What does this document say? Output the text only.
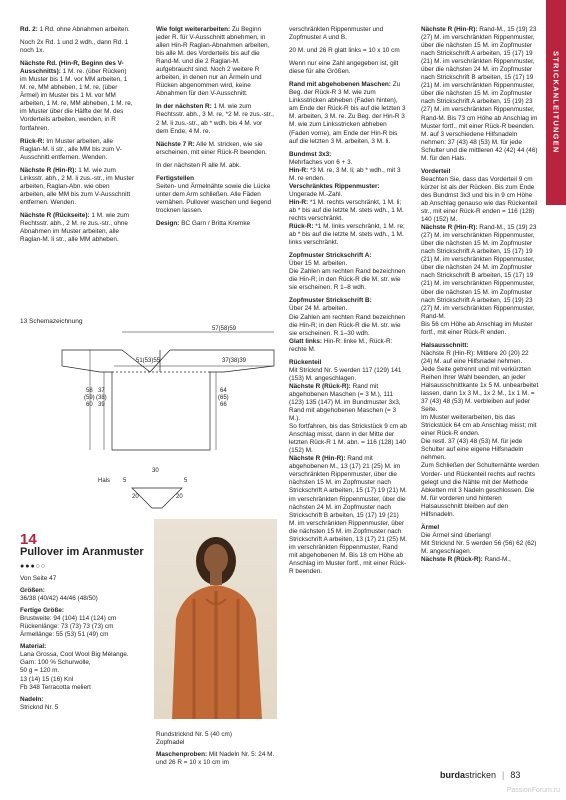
STRICKANLEITUNGEN

Rd. 2: 1 Rd. ohne Abnahmen arbeiten.

Noch 2x Rd. 1 und 2 wdh., dann Rd. 1 noch 1x.

Nächste Rd. (Hin-R, Beginn des V-Ausschnitts): 1 M. re. (über Rücken) im Muster bis 1 M. vor MM arbeiten, 1 M. re, MM abheben, 1 M. re, (über Ärmel) im Muster bis 1 M. vor MM arbeiten, 1 M. re, MM abheben, 1 M. re, im Muster über die Hälfte der M. des Vorderteils arbeiten, wenden, in R fortfahren.

Rück-R: Im Muster arbeiten, alle Raglan-M. li str., alle MM bis zum V-Ausschnitt entfernen. Wenden.

Nächste R (Hin-R): 1 M. wie zum Linksstr. abh., 2 M. li zus.-str., im Muster arbeiten, Raglan-Abn. wie oben arbeiten, alle MM bis zum V-Ausschnitt entfernen. Wenden.

Nächste R (Rückseite): 1 M. wie zum Rechtsstr. abh., 2 M. re zus.-str., ohne Abnahmen im Muster arbeiten, alle Raglan-M. li str., alle MM abheben.

Wie folgt weiterarbeiten: Zu Beginn jeder R. für V-Ausschnitt abnehmen, in allen Hin-R Raglan-Abnahmen arbeiten, bis alle M. des Vorderteils bis auf die Rand-M. und die 2 Raglan-M. aufgebraucht sind. Noch 2 weitere R arbeiten, in denen nur an Ärmeln und Rücken abgenommen wird, keine Abnahmen für den V-Ausschnitt.

In der nächsten R: 1 M. wie zum Rechtsstr. abh., 3 M. re, *2 M. re zus.-str., 2 M. li zus.-str., ab * wdh. bis 4 M. vor dem Ende, 4 M. re.

Nächste 7 R: Alle M. stricken, wie sie erscheinen, mit einer Rück-R beenden.

In der nächsten R alle M. abk.

Fertigstellen
Seiten- und Ärmelnähte sowie die Lücke unter dem Arm schließen. Alle Fäden vernähen. Pullover waschen und liegend trocknen lassen.

Design: BC Garn / Britta Kremke

verschränkten Rippenmuster und Zopfmuster A und B.

20 M. und 26 R glatt links = 10 x 10 cm

Wenn nur eine Zahl angegeben ist, gilt diese für alle Größen.

Rand mit abgehobenen Maschen: Zu Beg. der Rück-R 3 M. wie zum Linksstricken abheben (Faden hinten), am Ende der Rück-R bis auf die letzten 3 M. arbeiten, 3 M. re. Zu Beg. der Hin-R 3 M. wie zum Linksstricken abheben (Faden vorne), am Ende der Hin-R bis auf die letzten 3 M. arbeiten, 3 M. li.

Bundmst 3x3:
Mehrfaches von 6 + 3.
Hin-R: *3 M. re, 3 M. li; ab * wdh., mit 3 M. re enden.
Verschränktes Rippenmuster:
Ungerade M.-Zahl.
Hin-R: *1 M. rechts verschränkt, 1 M. li; ab * bis auf die letzte M. stets wdh., 1 M. rechts verschränkt.
Rück-R: *1 M. links verschränkt, 1 M. re; ab * bis auf die letzte M. stets wdh., 1 M. links verschränkt.

Zopfmuster Strickschrift A:
Über 15 M. arbeiten.
Die Zahlen am rechten Rand bezeichnen die Hin-R; in den Rück-R die M. str. wie sie erscheinen. R 1–8 wdh.

Zopfmuster Strickschrift B:
Über 24 M. arbeiten.
Die Zahlen am rechten Rand bezeichnen die Hin-R; in den Rück-R die M. str. wie sie erscheinen. R 1–30 wdh.
Glatt links: Hin-R: linke M., Rück-R: rechte M.

Rückenteil
Mit Stricknd Nr. 5 werden 117 (129) 141 (153) M. angeschlagen.
Nächste R (Rück-R): Rand mit abgehobenen Maschen (= 3 M.), 111 (123) 135 (147) M. im Bundmuster 3x3, Rand mit abgehobenen Maschen (= 3 M.).
So fortfahren, bis das Strickstück 9 cm ab Anschlag misst, dann in der Mitte der letzten Rück-R 1 M. abn. = 116 (128) 140 (152) M.
Nächste R (Hin-R): Rand mit abgehobenen M., 13 (17) 21 (25) M. im verschränkten Rippenmuster, über die nächsten 15 M. im Zopfmuster nach Strickschrift A arbeiten, 15 (17) 19 (21) M. im verschränkten Rippenmuster, über die nächsten 24 M. im Zopfmuster nach Strickschrift B arbeiten, 15 (17) 19 (21) M. im verschränkten Rippenmuster, über die nächsten 15 M. im Zopfmuster nach Strickschrift A arbeiten, 13 (17) 21 (25) M. im verschränkten Rippenmuster, Rand mit abgehobenen M. Bis 18 cm Höhe ab Anschlag im Muster fortf., mit einer Rück-R beenden.

Nächste R (Hin-R): Rand-M., 15 (19) 23 (27) M. im verschränkten Rippenmuster, über die nächsten 15 M. im Zopfmuster nach Strickschrift A arbeiten, 15 (17) 19 (21) M. im verschränkten Rippenmuster, über die nächsten 24 M. im Zopfmuster nach Strickschrift B arbeiten, 15 (17) 19 (21) M. im verschränkten Rippenmuster, über die nächsten 15 M. im Zopfmuster nach Strickschrift A arbeiten, 15 (19) 23 (27) M. im verschränkten Rippenmuster, Rand-M. Bis 73 cm Höhe ab Anschlag im Muster fortf., mit einer Rück-R beenden.
M. auf 3 verschiedene Hilfsnadeln nehmen: 37 (43) 48 (53) M. für jede Schulter und die mittleren 42 (42) 44 (46) M. für den Hals.

Vorderteil
Beachten Sie, dass das Vorderteil 9 cm kürzer ist als der Rücken. Bis zum Ende des Bundmst 3x3 und bis in 9 cm Höhe ab Anschlag genauso wie das Rückenteil str., mit einer Rück-R enden = 116 (128) 140 (152) M.
Nächste R (Hin-R): Rand-M., 15 (19) 23 (27) M. im verschränkten Rippenmuster, über die nächsten 15 M. im Zopfmuster nach Strickschrift A arbeiten, 15 (17) 19 (21) M. im verschränkten Rippenmuster, über die nächsten 24 M. im Zopfmuster nach Strickschrift B arbeiten, 15 (17) 19 (21) M. im verschränkten Rippenmuster, über die nächsten 15 M. im Zopfmuster nach Strickschrift A arbeiten, 15 (19) 23 (27) M. im verschränkten Rippenmuster, Rand-M.
Bis 56 cm Höhe ab Anschlag im Muster fortf., mit einer Rück-R enden.

Halsausschnitt:
Nächste R (Hin-R): Mittlere 20 (20) 22 (24) M. auf eine Hilfsnadel nehmen.
Jede Seite getrennt und mit verkürzten Reihen Ihrer Wahl beenden, an jeder Halsausschnittkante 1x 5 M. unbearbeitet lassen, dann 1x 3 M., 1x 2 M., 1x 1 M. = 37 (43) 48 (53) M. verbleiben auf jeder Seite.
Im Muster weiterarbeiten, bis das Strickstück 64 cm ab Anschlag misst; mit einer Rück-R enden.
Die restl. 37 (43) 48 (53) M. für jede Schulter auf eine eigene Hilfsnadeln nehmen.
Zum Schließen der Schulternähte werden Vorder- und Rückenteil rechts auf rechts gelegt und die Nähte mit der Methode Abketten mit 3 Nadeln geschlossen. Die M. für vorderen und hinteren Halsausschnitt bleiben auf den Hilfsnadeln.

Ärmel
Die Ärmel sind überlang!
Mit Stricknd Nr. 5 werden 56 (56) 62 (62) M. angeschlagen.
Nächste R (Rück-R): Rand-M.,

13 Schemazeichnung
57(58)59
51(53)55	37(38)39
58 (59) 60
37 (38) 39
64 (65) 66
Hals 5	5
30
20	20
14
Pullover im Aranmuster
●●●○○

Von Seite 47

Größen:
36/38 (40/42) 44/46 (48/50)

Fertige Größe:
Brustweite: 94 (104) 114 (124) cm
Rückenlänge: 73 (73) 73 (73) cm
Ärmellänge: 55 (53) 51 (49) cm

Material:
Lana Grossa, Cool Wool Big Mélange.
Garn: 100 % Schurwolle,
50 g = 120 m.
13 (14) 15 (16) Knl
Fb 348 Terracotta meliert

Nadeln:
Stricknd Nr. 5

Rundstricknd Nr. 5 (40 cm)
Zopfnadel

Maschenproben: Mit Nadeln Nr. 5: 24 M. und 26 R = 10 x 10 cm im

burdastricken | 83
PassionForum.ru
